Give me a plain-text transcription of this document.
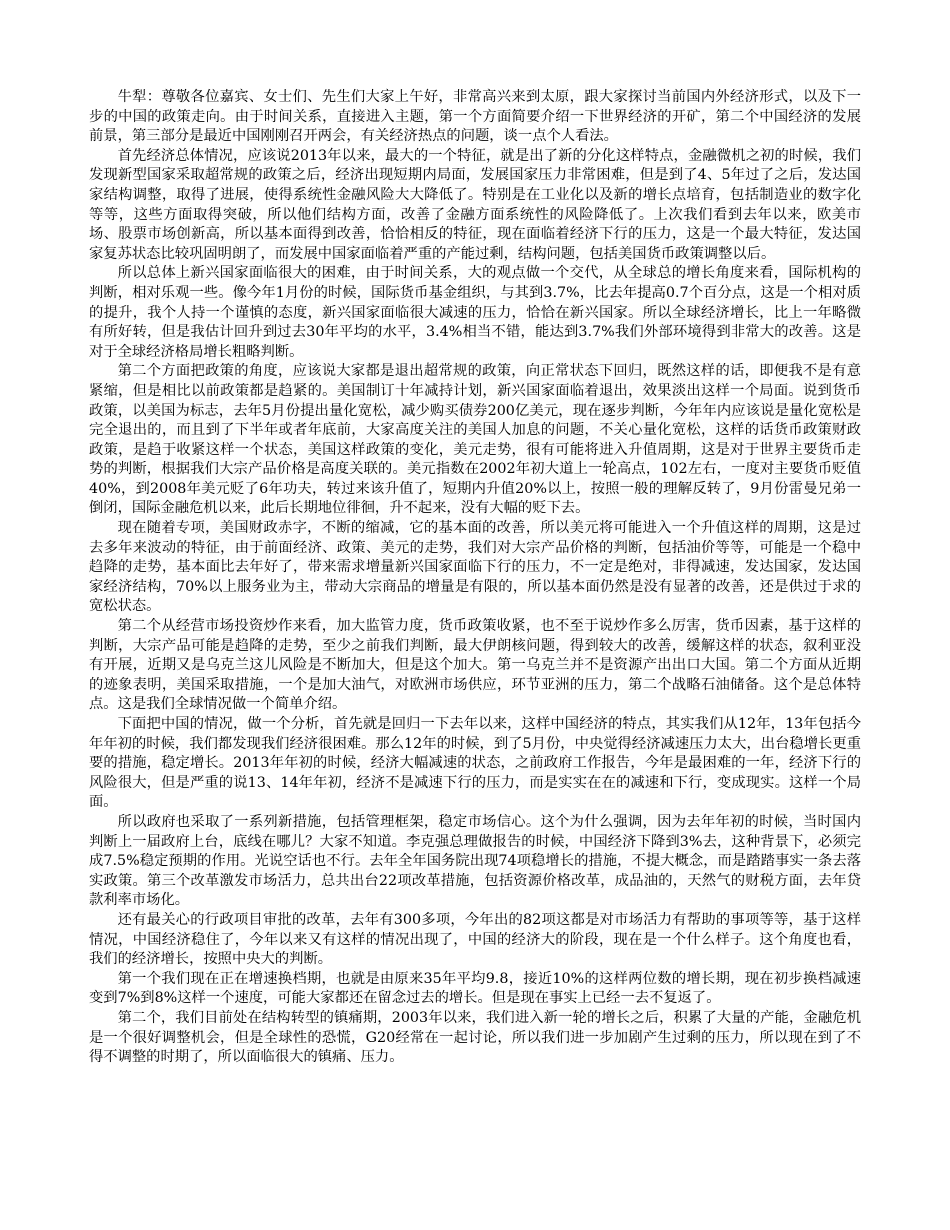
牛犁：尊敬各位嘉宾、女士们、先生们大家上午好，非常高兴来到太原，跟大家探讨当前国内外经济形式，以及下一步的中国的政策走向。由于时间关系，直接进入主题，第一个方面简要介绍一下世界经济的开矿，第二个中国经济的发展前景，第三部分是最近中国刚刚召开两会，有关经济热点的问题，谈一点个人看法。

首先经济总体情况，应该说2013年以来，最大的一个特征，就是出了新的分化这样特点，金融微机之初的时候，我们发现新型国家采取超常规的政策之后，经济出现短期内局面，发展国家压力非常困难，但是到了4、5年过了之后，发达国家结构调整，取得了进展，使得系统性金融风险大大降低了。特别是在工业化以及新的增长点培育，包括制造业的数字化等等，这些方面取得突破，所以他们结构方面，改善了金融方面系统性的风险降低了。上次我们看到去年以来，欧美市场、股票市场创新高，所以基本面得到改善，恰恰相反的特征，现在面临着经济下行的压力，这是一个最大特征，发达国家复苏状态比较巩固明朗了，而发展中国家面临着严重的产能过剩，结构问题，包括美国货币政策调整以后。

所以总体上新兴国家面临很大的困难，由于时间关系，大的观点做一个交代，从全球总的增长角度来看，国际机构的判断，相对乐观一些。像今年1月份的时候，国际货币基金组织，与其到3.7%，比去年提高0.7个百分点，这是一个相对质的提升，我个人持一个谨慎的态度，新兴国家面临很大减速的压力，恰恰在新兴国家。所以全球经济增长，比上一年略微有所好转，但是我估计回升到过去30年平均的水平，3.4%相当不错，能达到3.7%我们外部环境得到非常大的改善。这是对于全球经济格局增长粗略判断。

第二个方面把政策的角度，应该说大家都是退出超常规的政策，向正常状态下回归，既然这样的话，即便我不是有意紧缩，但是相比以前政策都是趋紧的。美国制订十年减持计划，新兴国家面临着退出，效果淡出这样一个局面。说到货币政策，以美国为标志，去年5月份提出量化宽松，减少购买债券200亿美元，现在逐步判断，今年年内应该说是量化宽松是完全退出的，而且到了下半年或者年底前，大家高度关注的美国人加息的问题，不关心量化宽松，这样的话货币政策财政政策，是趋于收紧这样一个状态，美国这样政策的变化，美元走势，很有可能将进入升值周期，这是对于世界主要货币走势的判断，根据我们大宗产品价格是高度关联的。美元指数在2002年初大道上一轮高点，102左右，一度对主要货币贬值40%，到2008年美元贬了6年功夫，转过来该升值了，短期内升值20%以上，按照一般的理解反转了，9月份雷曼兄弟一倒闭，国际金融危机以来，此后长期地位徘徊，升不起来，没有大幅的贬下去。

现在随着专项，美国财政赤字，不断的缩减，它的基本面的改善，所以美元将可能进入一个升值这样的周期，这是过去多年来波动的特征，由于前面经济、政策、美元的走势，我们对大宗产品价格的判断，包括油价等等，可能是一个稳中趋降的走势，基本面比去年好了，带来需求增量新兴国家面临下行的压力，不一定是绝对，非得减速，发达国家，发达国家经济结构，70%以上服务业为主，带动大宗商品的增量是有限的，所以基本面仍然是没有显著的改善，还是供过于求的宽松状态。

第二个从经营市场投资炒作来看，加大监管力度，货币政策收紧，也不至于说炒作多么厉害，货币因素，基于这样的判断，大宗产品可能是趋降的走势，至少之前我们判断，最大伊朗核问题，得到较大的改善，缓解这样的状态，叙利亚没有开展，近期又是乌克兰这儿风险是不断加大，但是这个加大。第一乌克兰并不是资源产出出口大国。第二个方面从近期的迹象表明，美国采取措施，一个是加大油气，对欧洲市场供应，环节亚洲的压力，第二个战略石油储备。这个是总体特点。这是我们全球情况做一个简单介绍。

下面把中国的情况，做一个分析，首先就是回归一下去年以来，这样中国经济的特点，其实我们从12年，13年包括今年年初的时候，我们都发现我们经济很困难。那么12年的时候，到了5月份，中央觉得经济减速压力太大，出台稳增长更重要的措施，稳定增长。2013年年初的时候，经济大幅减速的状态，之前政府工作报告，今年是最困难的一年，经济下行的风险很大，但是严重的说13、14年年初，经济不是减速下行的压力，而是实实在在的减速和下行，变成现实。这样一个局面。

所以政府也采取了一系列新措施，包括管理框架，稳定市场信心。这个为什么强调，因为去年年初的时候，当时国内判断上一届政府上台，底线在哪儿？大家不知道。李克强总理做报告的时候，中国经济下降到3%去，这种背景下，必须完成7.5%稳定预期的作用。光说空话也不行。去年全年国务院出现74项稳增长的措施，不提大概念，而是踏踏事实一条去落实政策。第三个改革激发市场活力，总共出台22项改革措施，包括资源价格改革，成品油的，天然气的财税方面，去年贷款利率市场化。

还有最关心的行政项目审批的改革，去年有300多项，今年出的82项这都是对市场活力有帮助的事项等等，基于这样情况，中国经济稳住了，今年以来又有这样的情况出现了，中国的经济大的阶段，现在是一个什么样子。这个角度也看，我们的经济增长，按照中央大的判断。

第一个我们现在正在增速换档期，也就是由原来35年平均9.8，接近10%的这样两位数的增长期，现在初步换档减速变到7%到8%这样一个速度，可能大家都还在留念过去的增长。但是现在事实上已经一去不复返了。

第二个，我们目前处在结构转型的镇痛期，2003年以来，我们进入新一轮的增长之后，积累了大量的产能，金融危机是一个很好调整机会，但是全球性的恐慌，G20经常在一起讨论，所以我们进一步加剧产生过剩的压力，所以现在到了不得不调整的时期了，所以面临很大的镇痛、压力。
